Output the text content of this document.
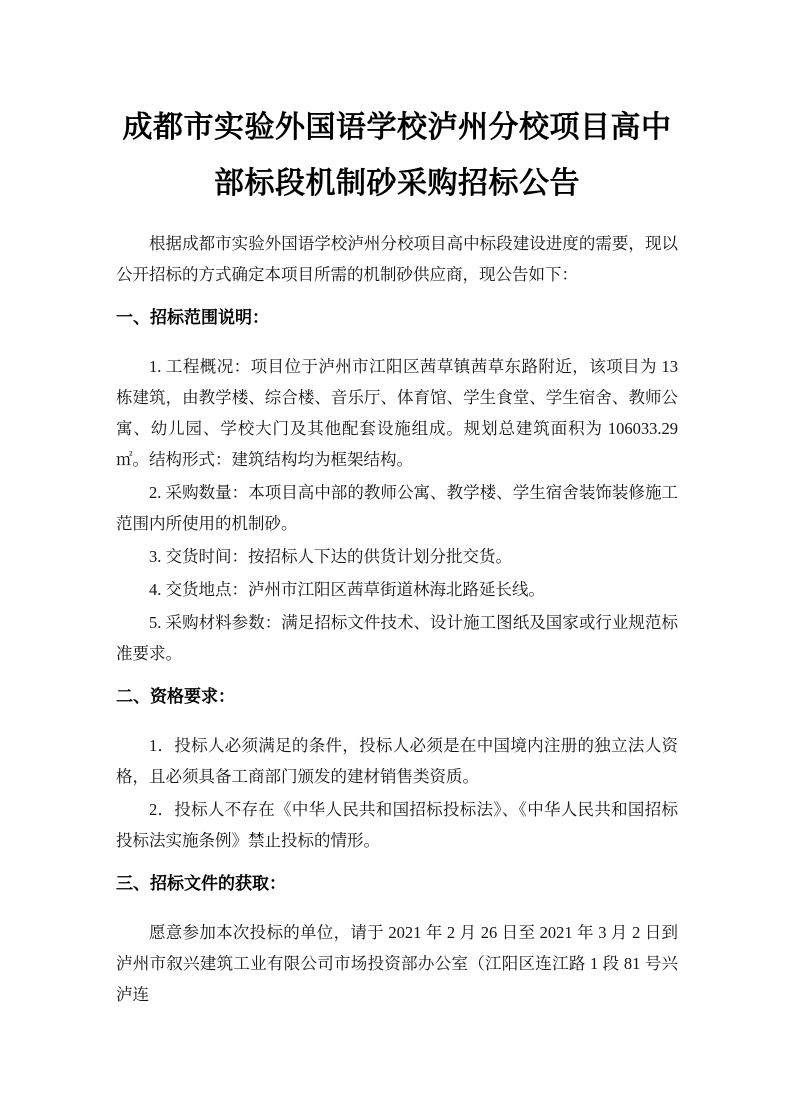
成都市实验外国语学校泸州分校项目高中
部标段机制砂采购招标公告

根据成都市实验外国语学校泸州分校项目高中标段建设进度的需要，现以公开招标的方式确定本项目所需的机制砂供应商，现公告如下：

一、招标范围说明：

1. 工程概况：项目位于泸州市江阳区茜草镇茜草东路附近，该项目为 13 栋建筑，由教学楼、综合楼、音乐厅、体育馆、学生食堂、学生宿舍、教师公寓、幼儿园、学校大门及其他配套设施组成。规划总建筑面积为 106033.29 ㎡。结构形式：建筑结构均为框架结构。

2. 采购数量：本项目高中部的教师公寓、教学楼、学生宿舍装饰装修施工范围内所使用的机制砂。

3. 交货时间：按招标人下达的供货计划分批交货。

4. 交货地点：泸州市江阳区茜草街道林海北路延长线。

5. 采购材料参数：满足招标文件技术、设计施工图纸及国家或行业规范标准要求。

二、资格要求：

1．投标人必须满足的条件，投标人必须是在中国境内注册的独立法人资格，且必须具备工商部门颁发的建材销售类资质。

2．投标人不存在《中华人民共和国招标投标法》、《中华人民共和国招标投标法实施条例》禁止投标的情形。

三、招标文件的获取：

愿意参加本次投标的单位，请于 2021 年 2 月 26 日至 2021 年 3 月 2 日到泸州市叙兴建筑工业有限公司市场投资部办公室（江阳区连江路 1 段 81 号兴泸连
